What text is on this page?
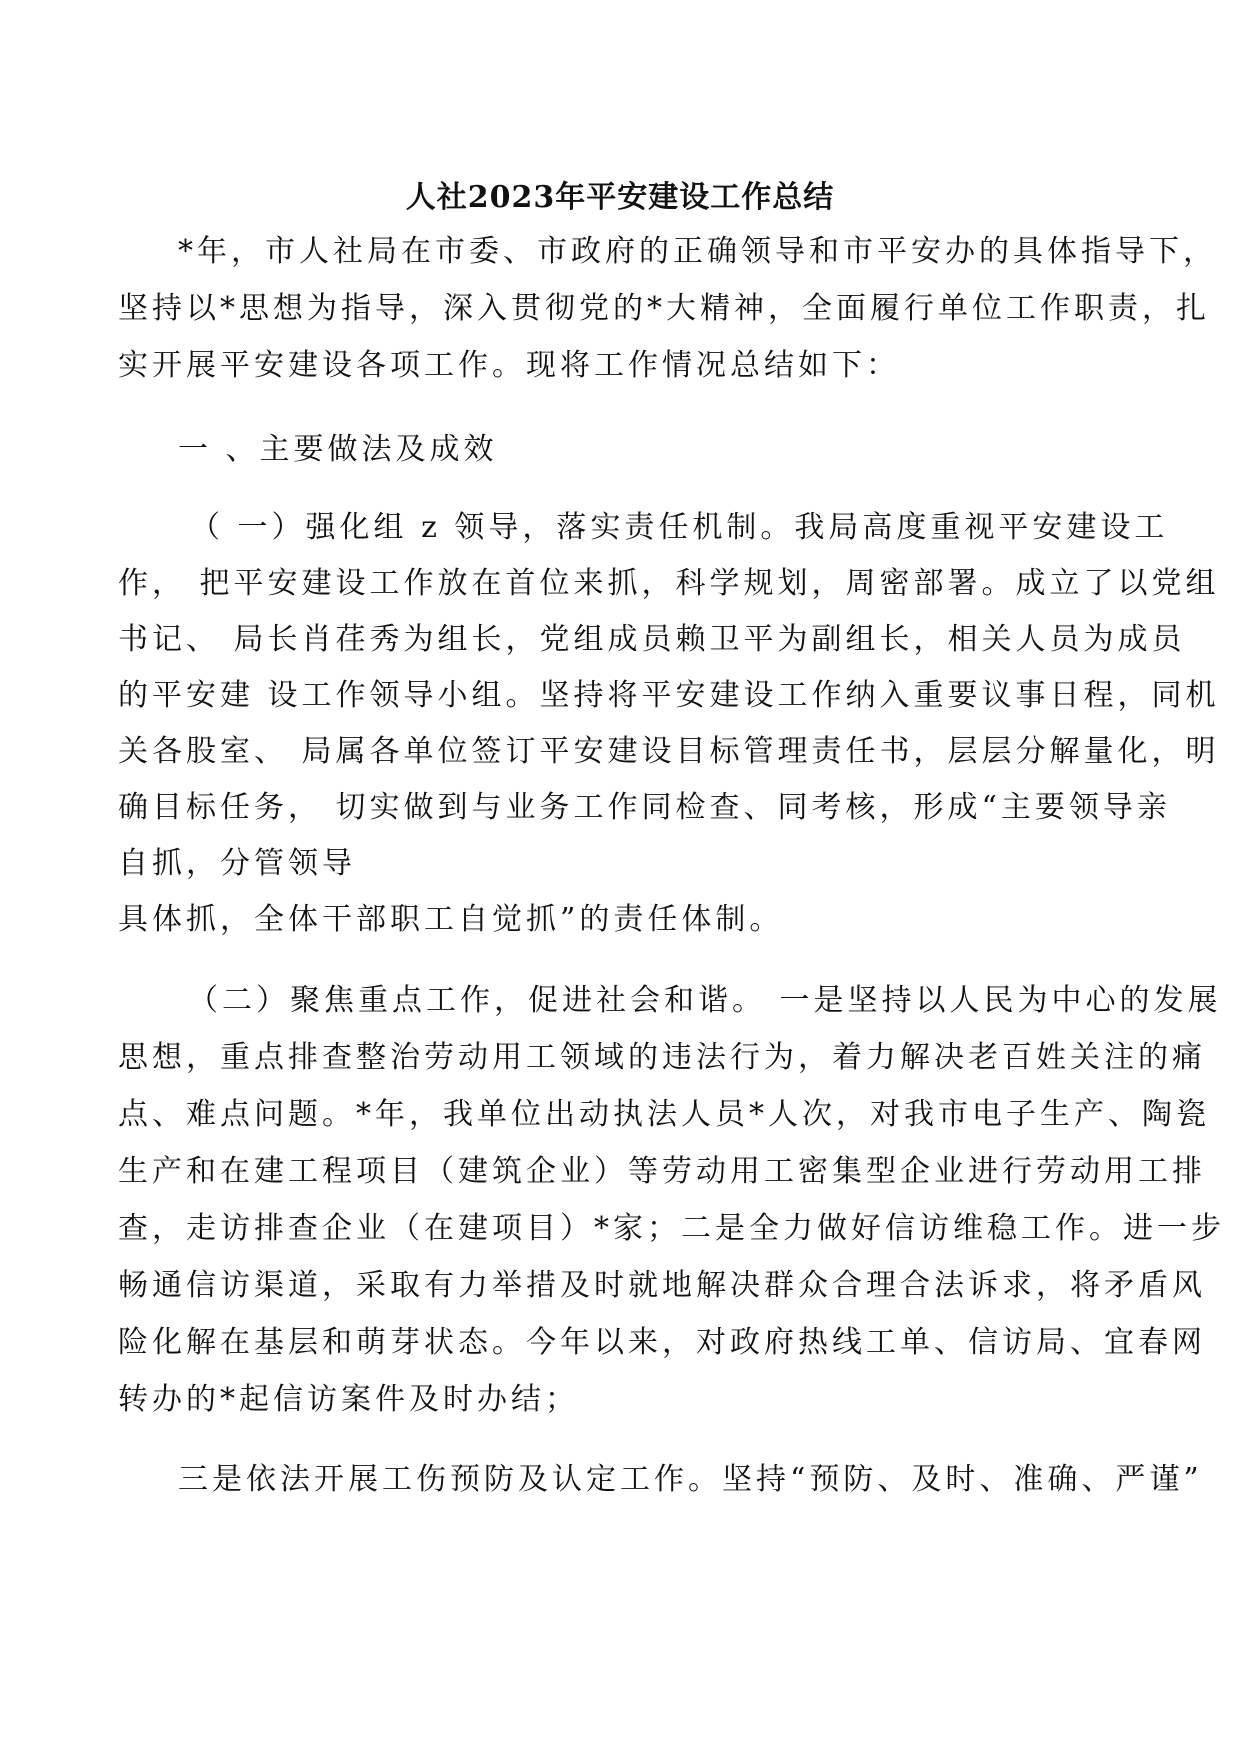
人社2023年平安建设工作总结
*年，市人社局在市委、市政府的正确领导和市平安办的具体指导下，
坚持以*思想为指导，深入贯彻党的*大精神，全面履行单位工作职责，扎
实开展平安建设各项工作。现将工作情况总结如下：
一 、主要做法及成效
（ 一）强化组 z 领导，落实责任机制。我局高度重视平安建设工
作， 把平安建设工作放在首位来抓，科学规划，周密部署。成立了以党组
书记、 局长肖荏秀为组长，党组成员赖卫平为副组长，相关人员为成员
的平安建 设工作领导小组。坚持将平安建设工作纳入重要议事日程，同机
关各股室、 局属各单位签订平安建设目标管理责任书，层层分解量化，明
确目标任务， 切实做到与业务工作同检查、同考核，形成“主要领导亲
自抓，分管领导
具体抓，全体干部职工自觉抓”的责任体制。
（二）聚焦重点工作，促进社会和谐。 一是坚持以人民为中心的发展
思想，重点排查整治劳动用工领域的违法行为，着力解决老百姓关注的痛
点、难点问题。*年，我单位出动执法人员*人次，对我市电子生产、陶瓷
生产和在建工程项目（建筑企业）等劳动用工密集型企业进行劳动用工排
查，走访排查企业（在建项目）*家；二是全力做好信访维稳工作。进一步
畅通信访渠道，采取有力举措及时就地解决群众合理合法诉求，将矛盾风
险化解在基层和萌芽状态。今年以来，对政府热线工单、信访局、宜春网
转办的*起信访案件及时办结；
三是依法开展工伤预防及认定工作。坚持“预防、及时、准确、严谨”
